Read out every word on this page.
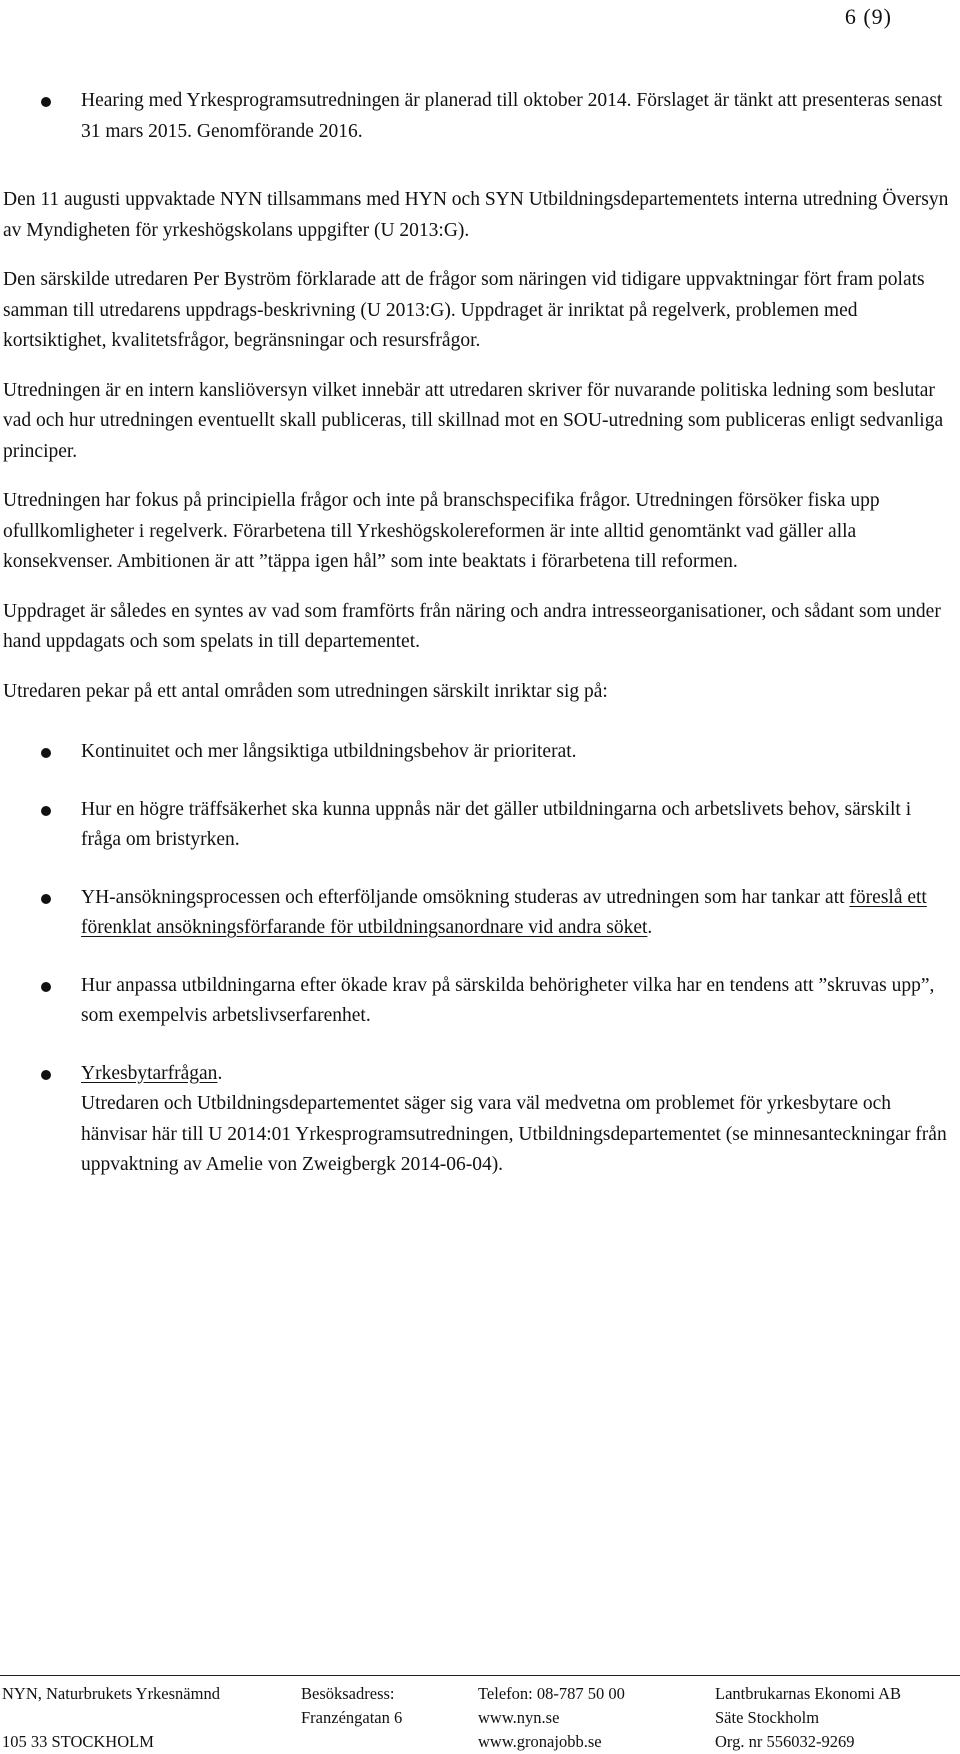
6 (9)
Hearing med Yrkesprogramsutredningen är planerad till oktober 2014. Förslaget är tänkt att presenteras senast 31 mars 2015. Genomförande 2016.

Den 11 augusti uppvaktade NYN tillsammans med HYN och SYN Utbildningsdepartementets interna utredning Översyn av Myndigheten för yrkeshögskolans uppgifter (U 2013:G).

Den särskilde utredaren Per Byström förklarade att de frågor som näringen vid tidigare uppvaktningar fört fram polats samman till utredarens uppdrags-beskrivning (U 2013:G). Uppdraget är inriktat på regelverk, problemen med kortsiktighet, kvalitetsfrågor, begränsningar och resursfrågor.

Utredningen är en intern kansliöversyn vilket innebär att utredaren skriver för nuvarande politiska ledning som beslutar vad och hur utredningen eventuellt skall publiceras, till skillnad mot en SOU-utredning som publiceras enligt sedvanliga principer.

Utredningen har fokus på principiella frågor och inte på branschspecifika frågor. Utredningen försöker fiska upp ofullkomligheter i regelverk. Förarbetena till Yrkeshögskolereformen är inte alltid genomtänkt vad gäller alla konsekvenser. Ambitionen är att ”täppa igen hål” som inte beaktats i förarbetena till reformen.

Uppdraget är således en syntes av vad som framförts från näring och andra intresseorganisationer, och sådant som under hand uppdagats och som spelats in till departementet.

Utredaren pekar på ett antal områden som utredningen särskilt inriktar sig på:

Kontinuitet och mer långsiktiga utbildningsbehov är prioriterat.
Hur en högre träffsäkerhet ska kunna uppnås när det gäller utbildningarna och arbetslivets behov, särskilt i fråga om bristyrken.
YH-ansökningsprocessen och efterföljande omsökning studeras av utredningen som har tankar att föreslå ett förenklat ansökningsförfarande för utbildningsanordnare vid andra söket.
Hur anpassa utbildningarna efter ökade krav på särskilda behörigheter vilka har en tendens att ”skruvas upp”, som exempelvis arbetslivserfarenhet.
Yrkesbytarfrågan.
Utredaren och Utbildningsdepartementet säger sig vara väl medvetna om problemet för yrkesbytare och hänvisar här till U 2014:01 Yrkesprogramsutredningen, Utbildningsdepartementet (se minnesanteckningar från uppvaktning av Amelie von Zweigbergk 2014-06-04).
NYN, Naturbrukets Yrkesnämnd

105 33 STOCKHOLM
Besöksadress:
Franzéngatan 6
Telefon: 08-787 50 00
www.nyn.se
www.gronajobb.se
Lantbrukarnas Ekonomi AB
Säte Stockholm
Org. nr 556032-9269
